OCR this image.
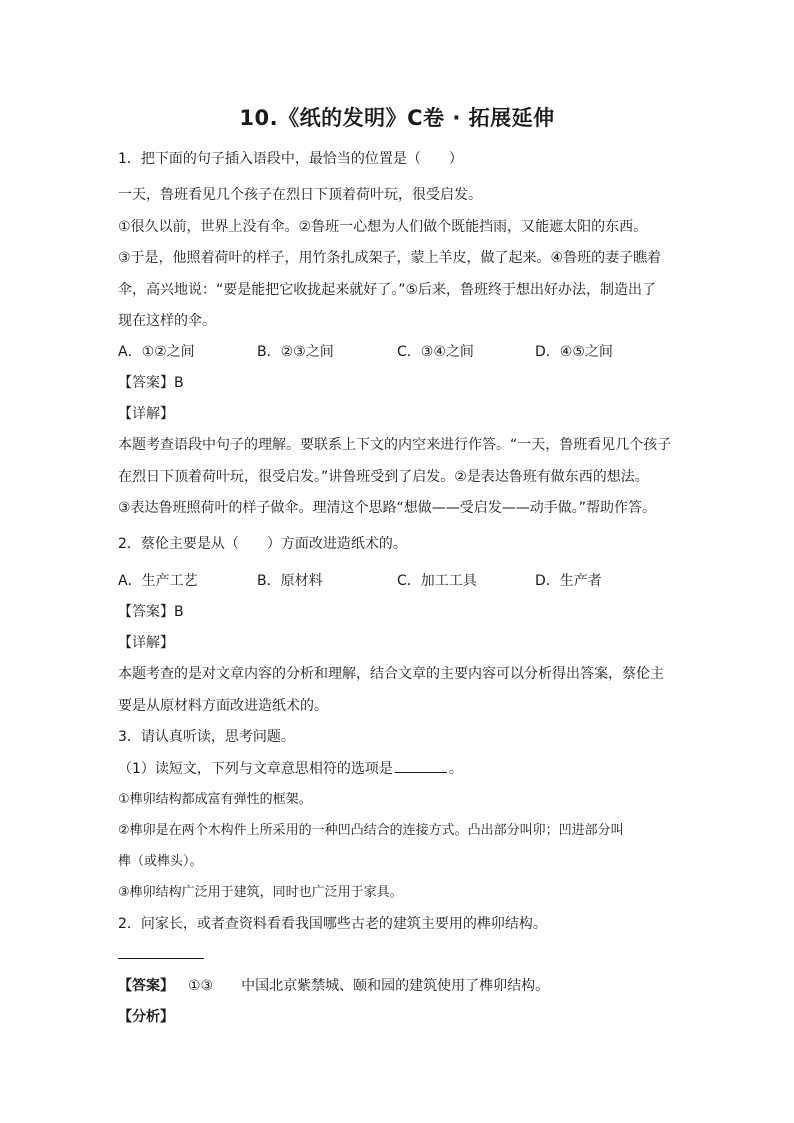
10.《纸的发明》C卷 · 拓展延伸
1．把下面的句子插入语段中，最恰当的位置是（　　）
一天，鲁班看见几个孩子在烈日下顶着荷叶玩，很受启发。
①很久以前，世界上没有伞。②鲁班一心想为人们做个既能挡雨，又能遮太阳的东西。
③于是，他照着荷叶的样子，用竹条扎成架子，蒙上羊皮，做了起来。④鲁班的妻子瞧着
伞，高兴地说：“要是能把它收拢起来就好了。”⑤后来，鲁班终于想出好办法，制造出了
现在这样的伞。
A．①②之间	B．②③之间	C．③④之间	D．④⑤之间
【答案】B
【详解】
本题考查语段中句子的理解。要联系上下文的内空来进行作答。“一天，鲁班看见几个孩子
在烈日下顶着荷叶玩，很受启发。”讲鲁班受到了启发。②是表达鲁班有做东西的想法。
③表达鲁班照荷叶的样子做伞。理清这个思路“想做——受启发——动手做。”帮助作答。
2．蔡伦主要是从（　　）方面改进造纸术的。
A．生产工艺	B．原材料	C．加工工具	D．生产者
【答案】B
【详解】
本题考查的是对文章内容的分析和理解，结合文章的主要内容可以分析得出答案，蔡伦主
要是从原材料方面改进造纸术的。
3．请认真听读，思考问题。
（1）读短文，下列与文章意思相符的选项是	。
①榫卯结构都成富有弹性的框架。
②榫卯是在两个木构件上所采用的一种凹凸结合的连接方式。凸出部分叫卯；凹进部分叫
榫（或榫头）。
③榫卯结构广泛用于建筑，同时也广泛用于家具。
2．问家长，或者查资料看看我国哪些古老的建筑主要用的榫卯结构。
【答案】 ①③ 中国北京紫禁城、颐和园的建筑使用了榫卯结构。
【分析】
